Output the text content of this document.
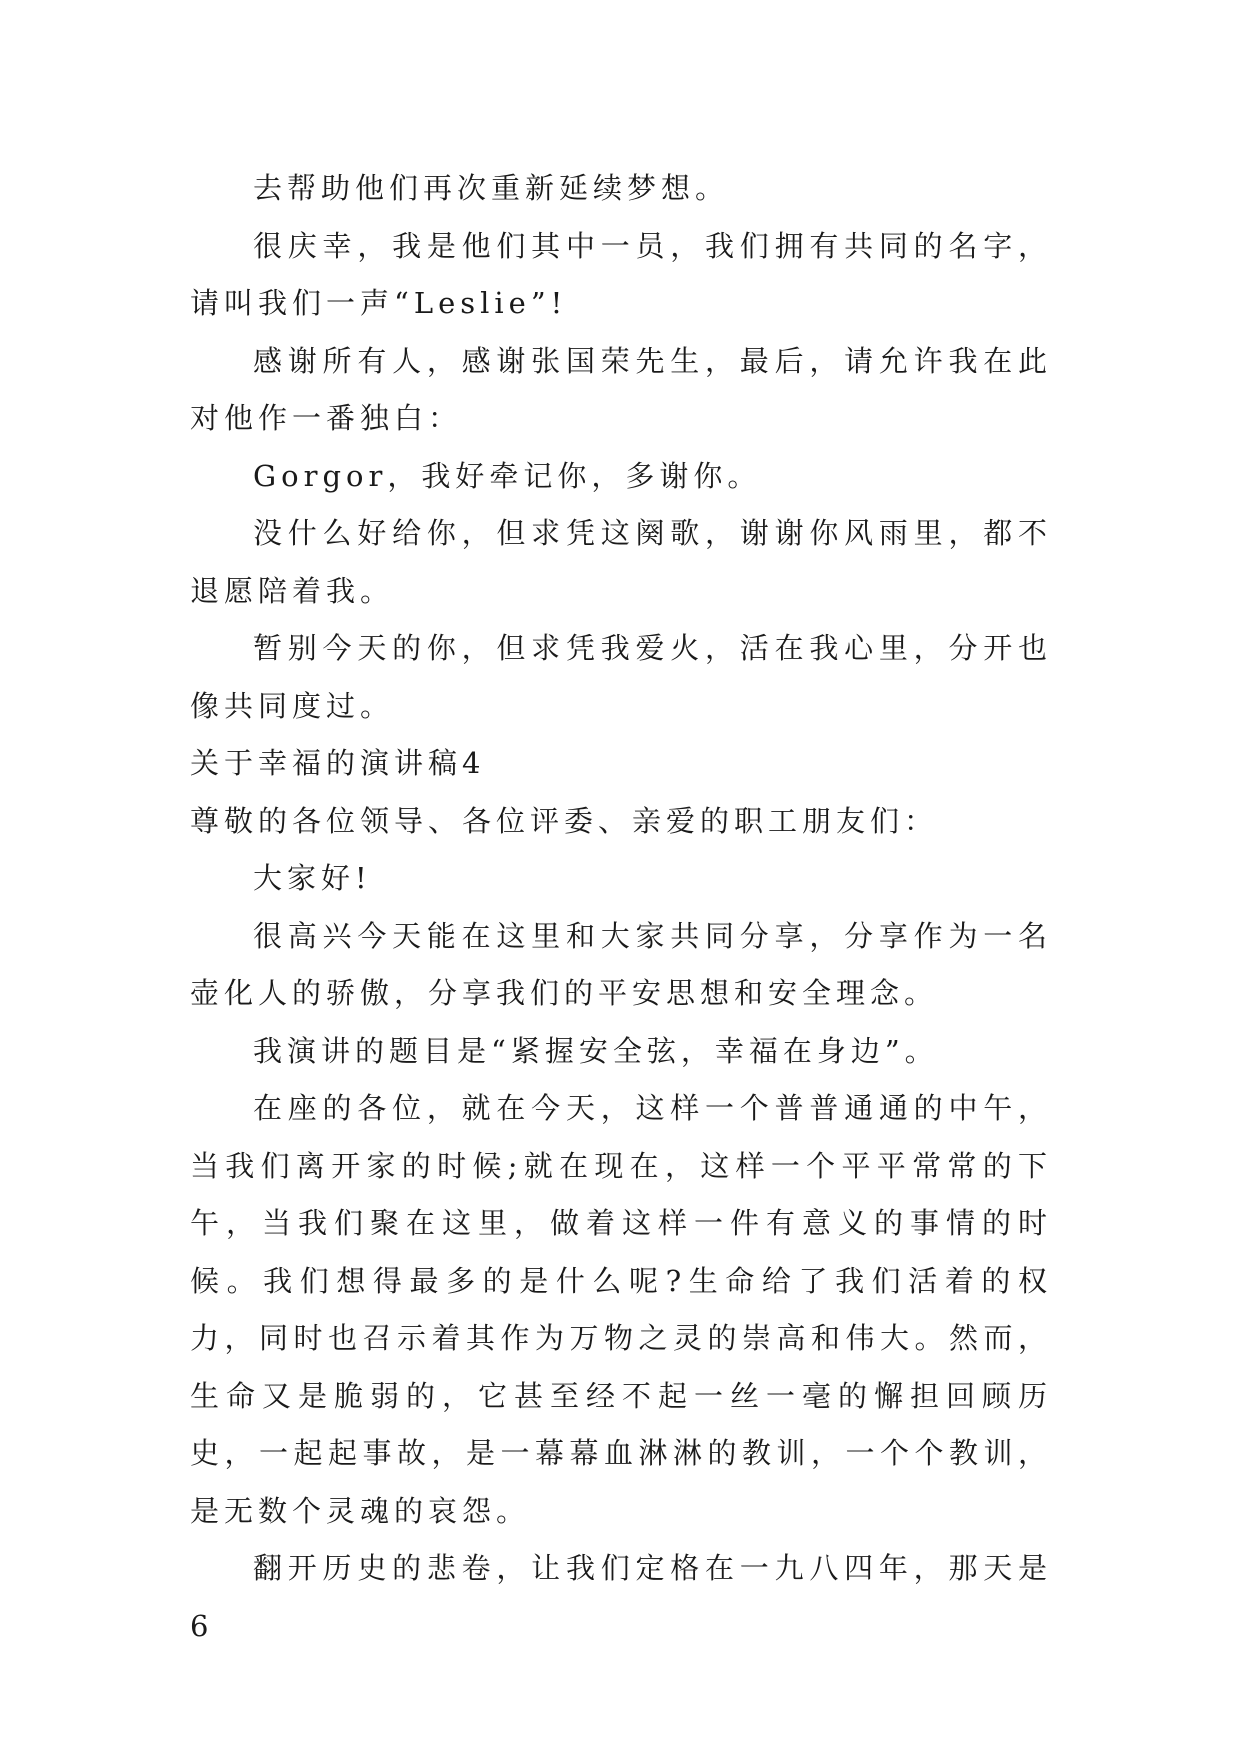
去帮助他们再次重新延续梦想。

很庆幸，我是他们其中一员，我们拥有共同的名字，请叫我们一声“Leslie”!

感谢所有人，感谢张国荣先生，最后，请允许我在此对他作一番独白：

Gorgor，我好牵记你，多谢你。

没什么好给你，但求凭这阕歌，谢谢你风雨里，都不退愿陪着我。

暂别今天的你，但求凭我爱火，活在我心里，分开也像共同度过。

关于幸福的演讲稿4

尊敬的各位领导、各位评委、亲爱的职工朋友们：

大家好!

很高兴今天能在这里和大家共同分享，分享作为一名壶化人的骄傲，分享我们的平安思想和安全理念。

我演讲的题目是“紧握安全弦，幸福在身边”。

在座的各位，就在今天，这样一个普普通通的中午，当我们离开家的时候;就在现在，这样一个平平常常的下午，当我们聚在这里，做着这样一件有意义的事情的时候。我们想得最多的是什么呢?生命给了我们活着的权力，同时也召示着其作为万物之灵的崇高和伟大。然而，生命又是脆弱的，它甚至经不起一丝一毫的懈担回顾历史，一起起事故，是一幕幕血淋淋的教训，一个个教训，是无数个灵魂的哀怨。

翻开历史的悲卷，让我们定格在一九八四年，那天是6
